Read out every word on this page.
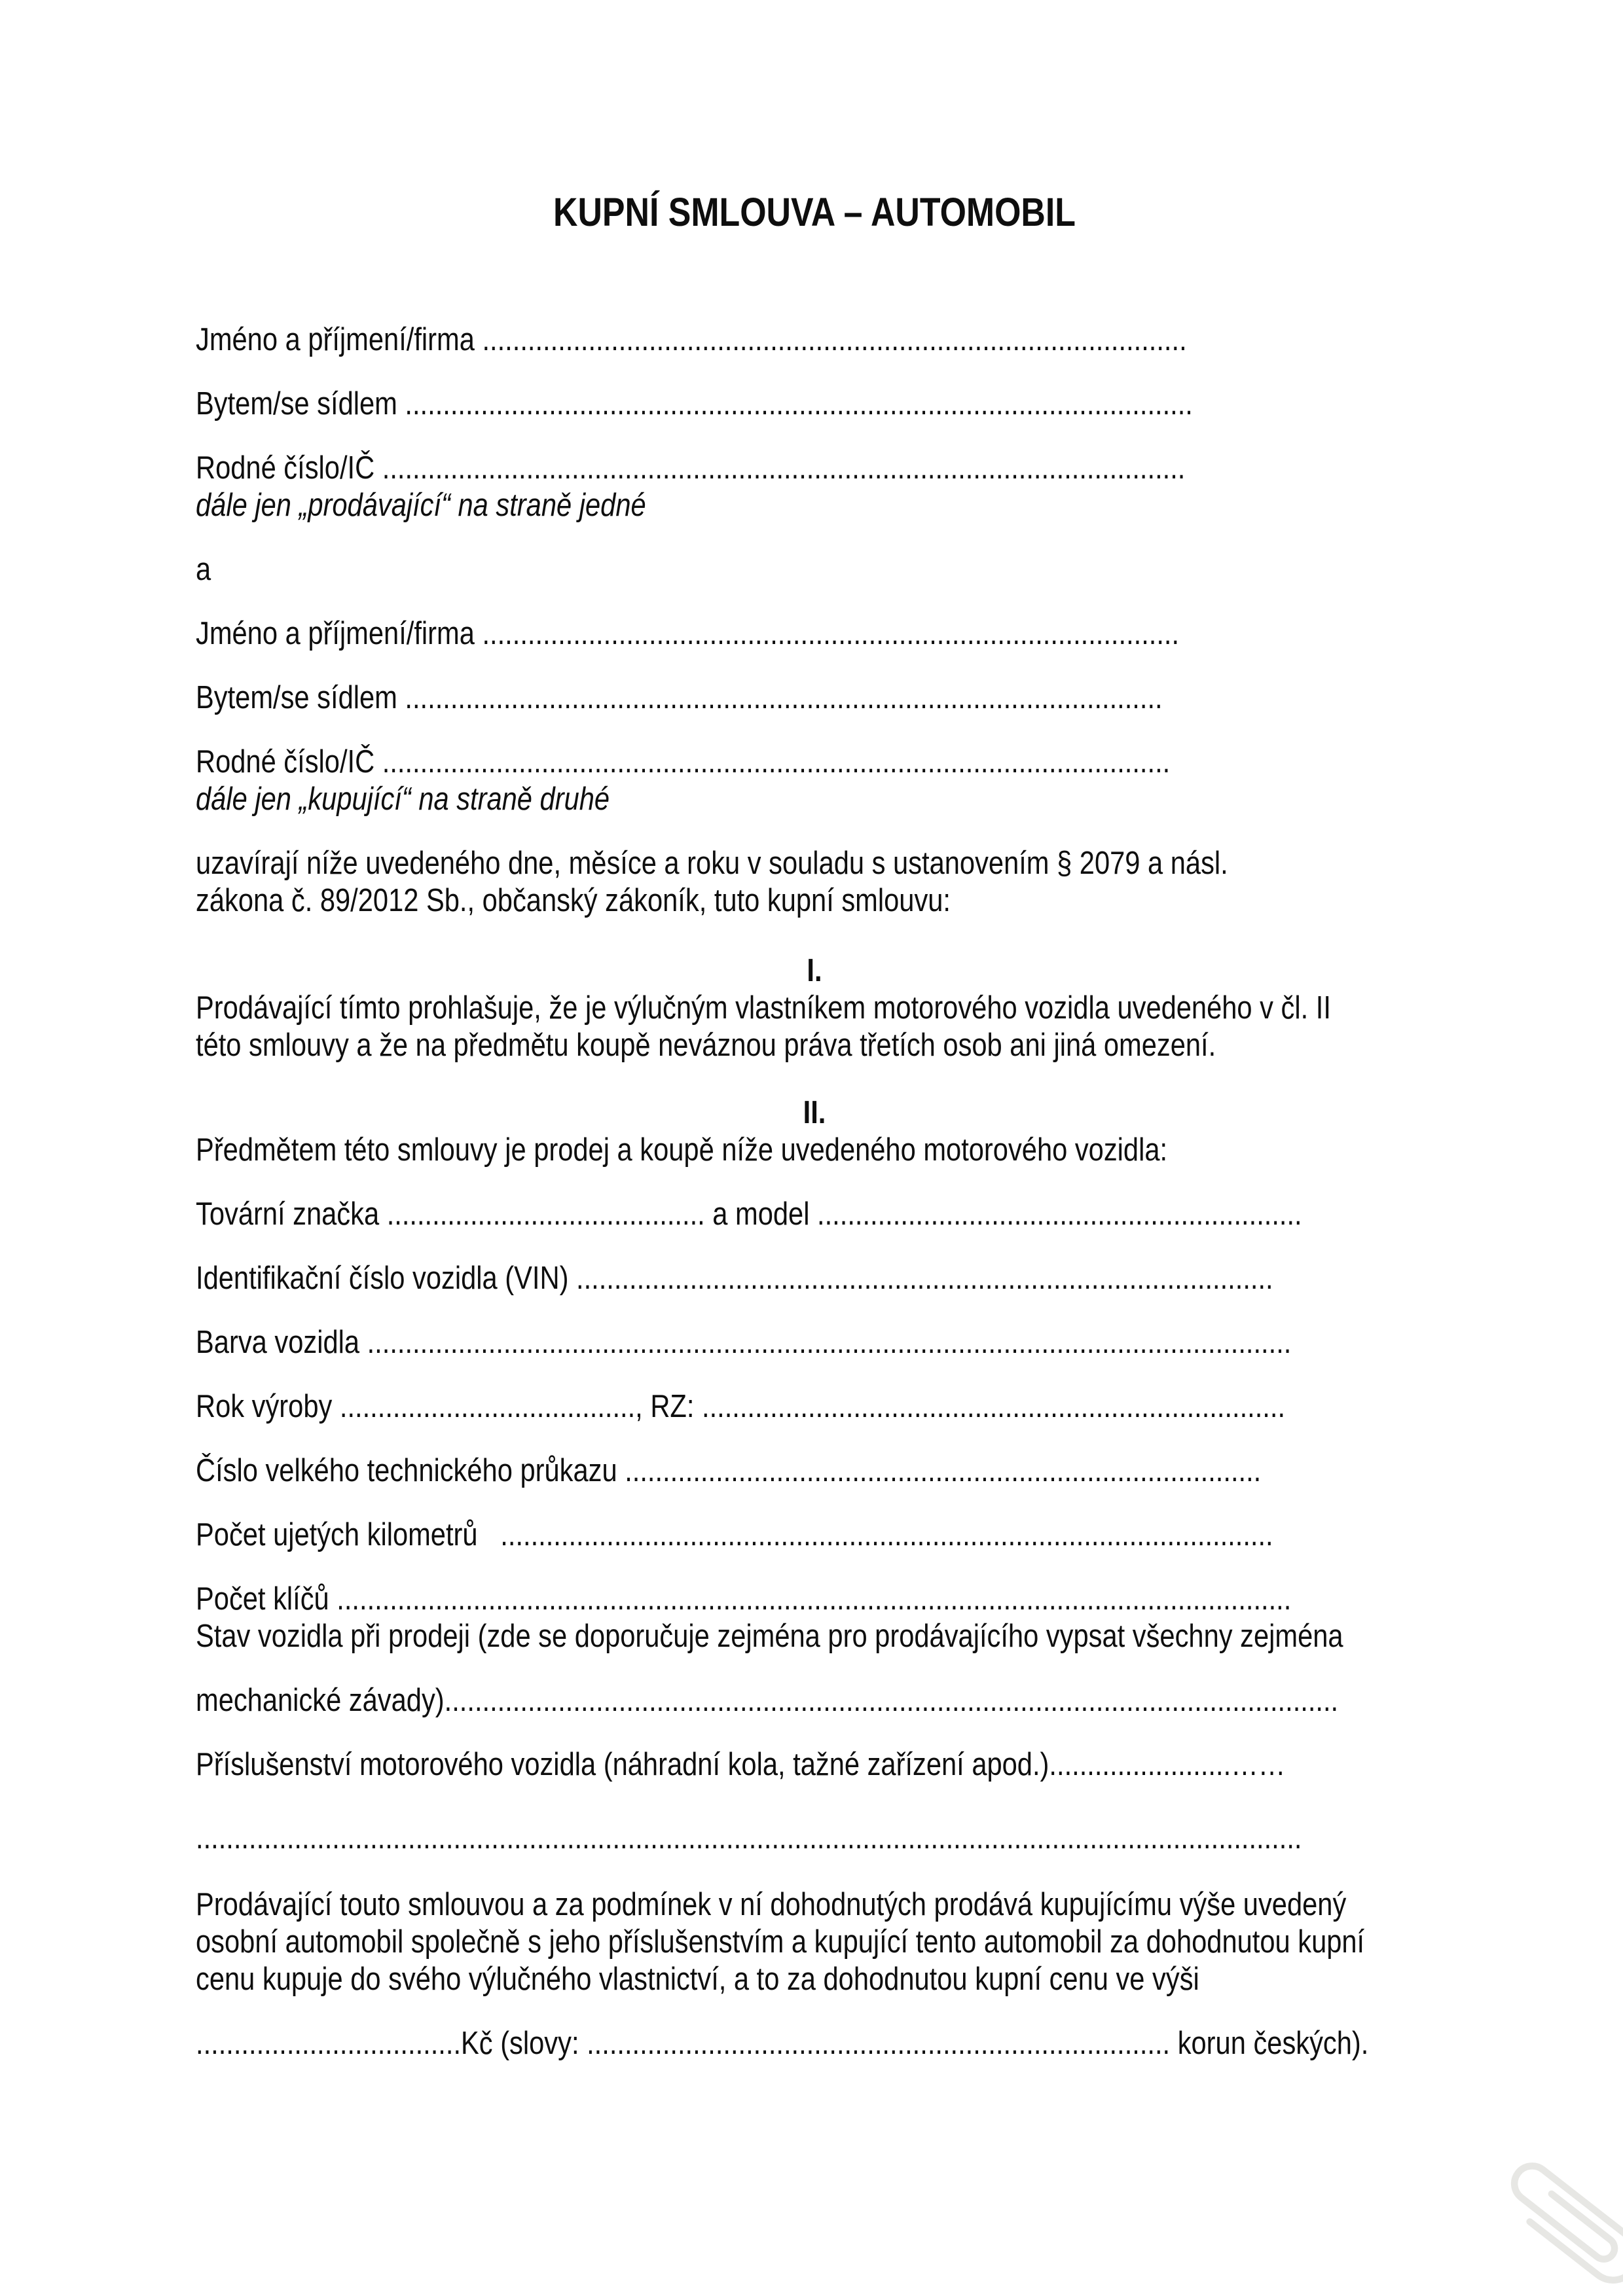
KUPNÍ SMLOUVA – AUTOMOBIL
Jméno a příjmení/firma .............................................................................................
Bytem/se sídlem ........................................................................................................
Rodné číslo/IČ ..........................................................................................................
dále jen „prodávající“ na straně jedné
a
Jméno a příjmení/firma ............................................................................................
Bytem/se sídlem ....................................................................................................
Rodné číslo/IČ ........................................................................................................
dále jen „kupující“ na straně druhé
uzavírají níže uvedeného dne, měsíce a roku v souladu s ustanovením § 2079 a násl.
zákona č. 89/2012 Sb., občanský zákoník, tuto kupní smlouvu:
I.
Prodávající tímto prohlašuje, že je výlučným vlastníkem motorového vozidla uvedeného v čl. II
této smlouvy a že na předmětu koupě neváznou práva třetích osob ani jiná omezení.
II.
Předmětem této smlouvy je prodej a koupě níže uvedeného motorového vozidla:
Tovární značka .......................................... a model ................................................................
Identifikační číslo vozidla (VIN) ............................................................................................
Barva vozidla ..........................................................................................................................
Rok výroby ......................................., RZ: .............................................................................
Číslo velkého technického průkazu ....................................................................................
Počet ujetých kilometrů   ......................................................................................................
Počet klíčů ..............................................................................................................................
Stav vozidla při prodeji (zde se doporučuje zejména pro prodávajícího vypsat všechny zejména
mechanické závady)......................................................................................................................
Příslušenství motorového vozidla (náhradní kola, tažné zařízení apod.)........................……
..................................................................................................................................................
Prodávající touto smlouvou a za podmínek v ní dohodnutých prodává kupujícímu výše uvedený
osobní automobil společně s jeho příslušenstvím a kupující tento automobil za dohodnutou kupní
cenu kupuje do svého výlučného vlastnictví, a to za dohodnutou kupní cenu ve výši
...................................Kč (slovy: ............................................................................. korun českých).
